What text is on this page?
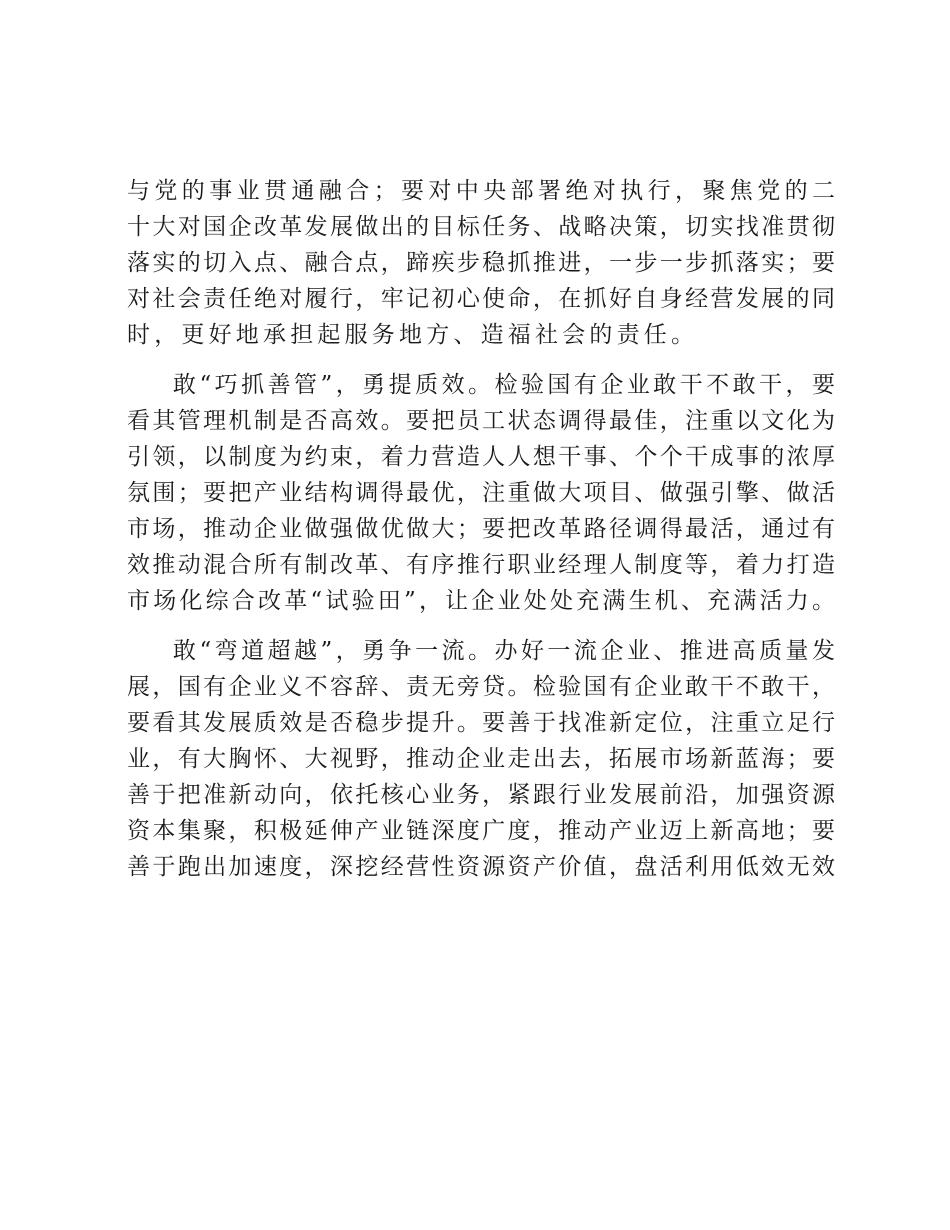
与党的事业贯通融合；要对中央部署绝对执行，聚焦党的二
十大对国企改革发展做出的目标任务、战略决策，切实找准贯彻
落实的切入点、融合点，蹄疾步稳抓推进，一步一步抓落实；要
对社会责任绝对履行，牢记初心使命，在抓好自身经营发展的同
时，更好地承担起服务地方、造福社会的责任。

敢“巧抓善管”，勇提质效。检验国有企业敢干不敢干，要
看其管理机制是否高效。要把员工状态调得最佳，注重以文化为
引领，以制度为约束，着力营造人人想干事、个个干成事的浓厚
氛围；要把产业结构调得最优，注重做大项目、做强引擎、做活
市场，推动企业做强做优做大；要把改革路径调得最活，通过有
效推动混合所有制改革、有序推行职业经理人制度等，着力打造
市场化综合改革“试验田”，让企业处处充满生机、充满活力。

敢“弯道超越”，勇争一流。办好一流企业、推进高质量发
展，国有企业义不容辞、责无旁贷。检验国有企业敢干不敢干，
要看其发展质效是否稳步提升。要善于找准新定位，注重立足行
业，有大胸怀、大视野，推动企业走出去，拓展市场新蓝海；要
善于把准新动向，依托核心业务，紧跟行业发展前沿，加强资源
资本集聚，积极延伸产业链深度广度，推动产业迈上新高地；要
善于跑出加速度，深挖经营性资源资产价值，盘活利用低效无效
